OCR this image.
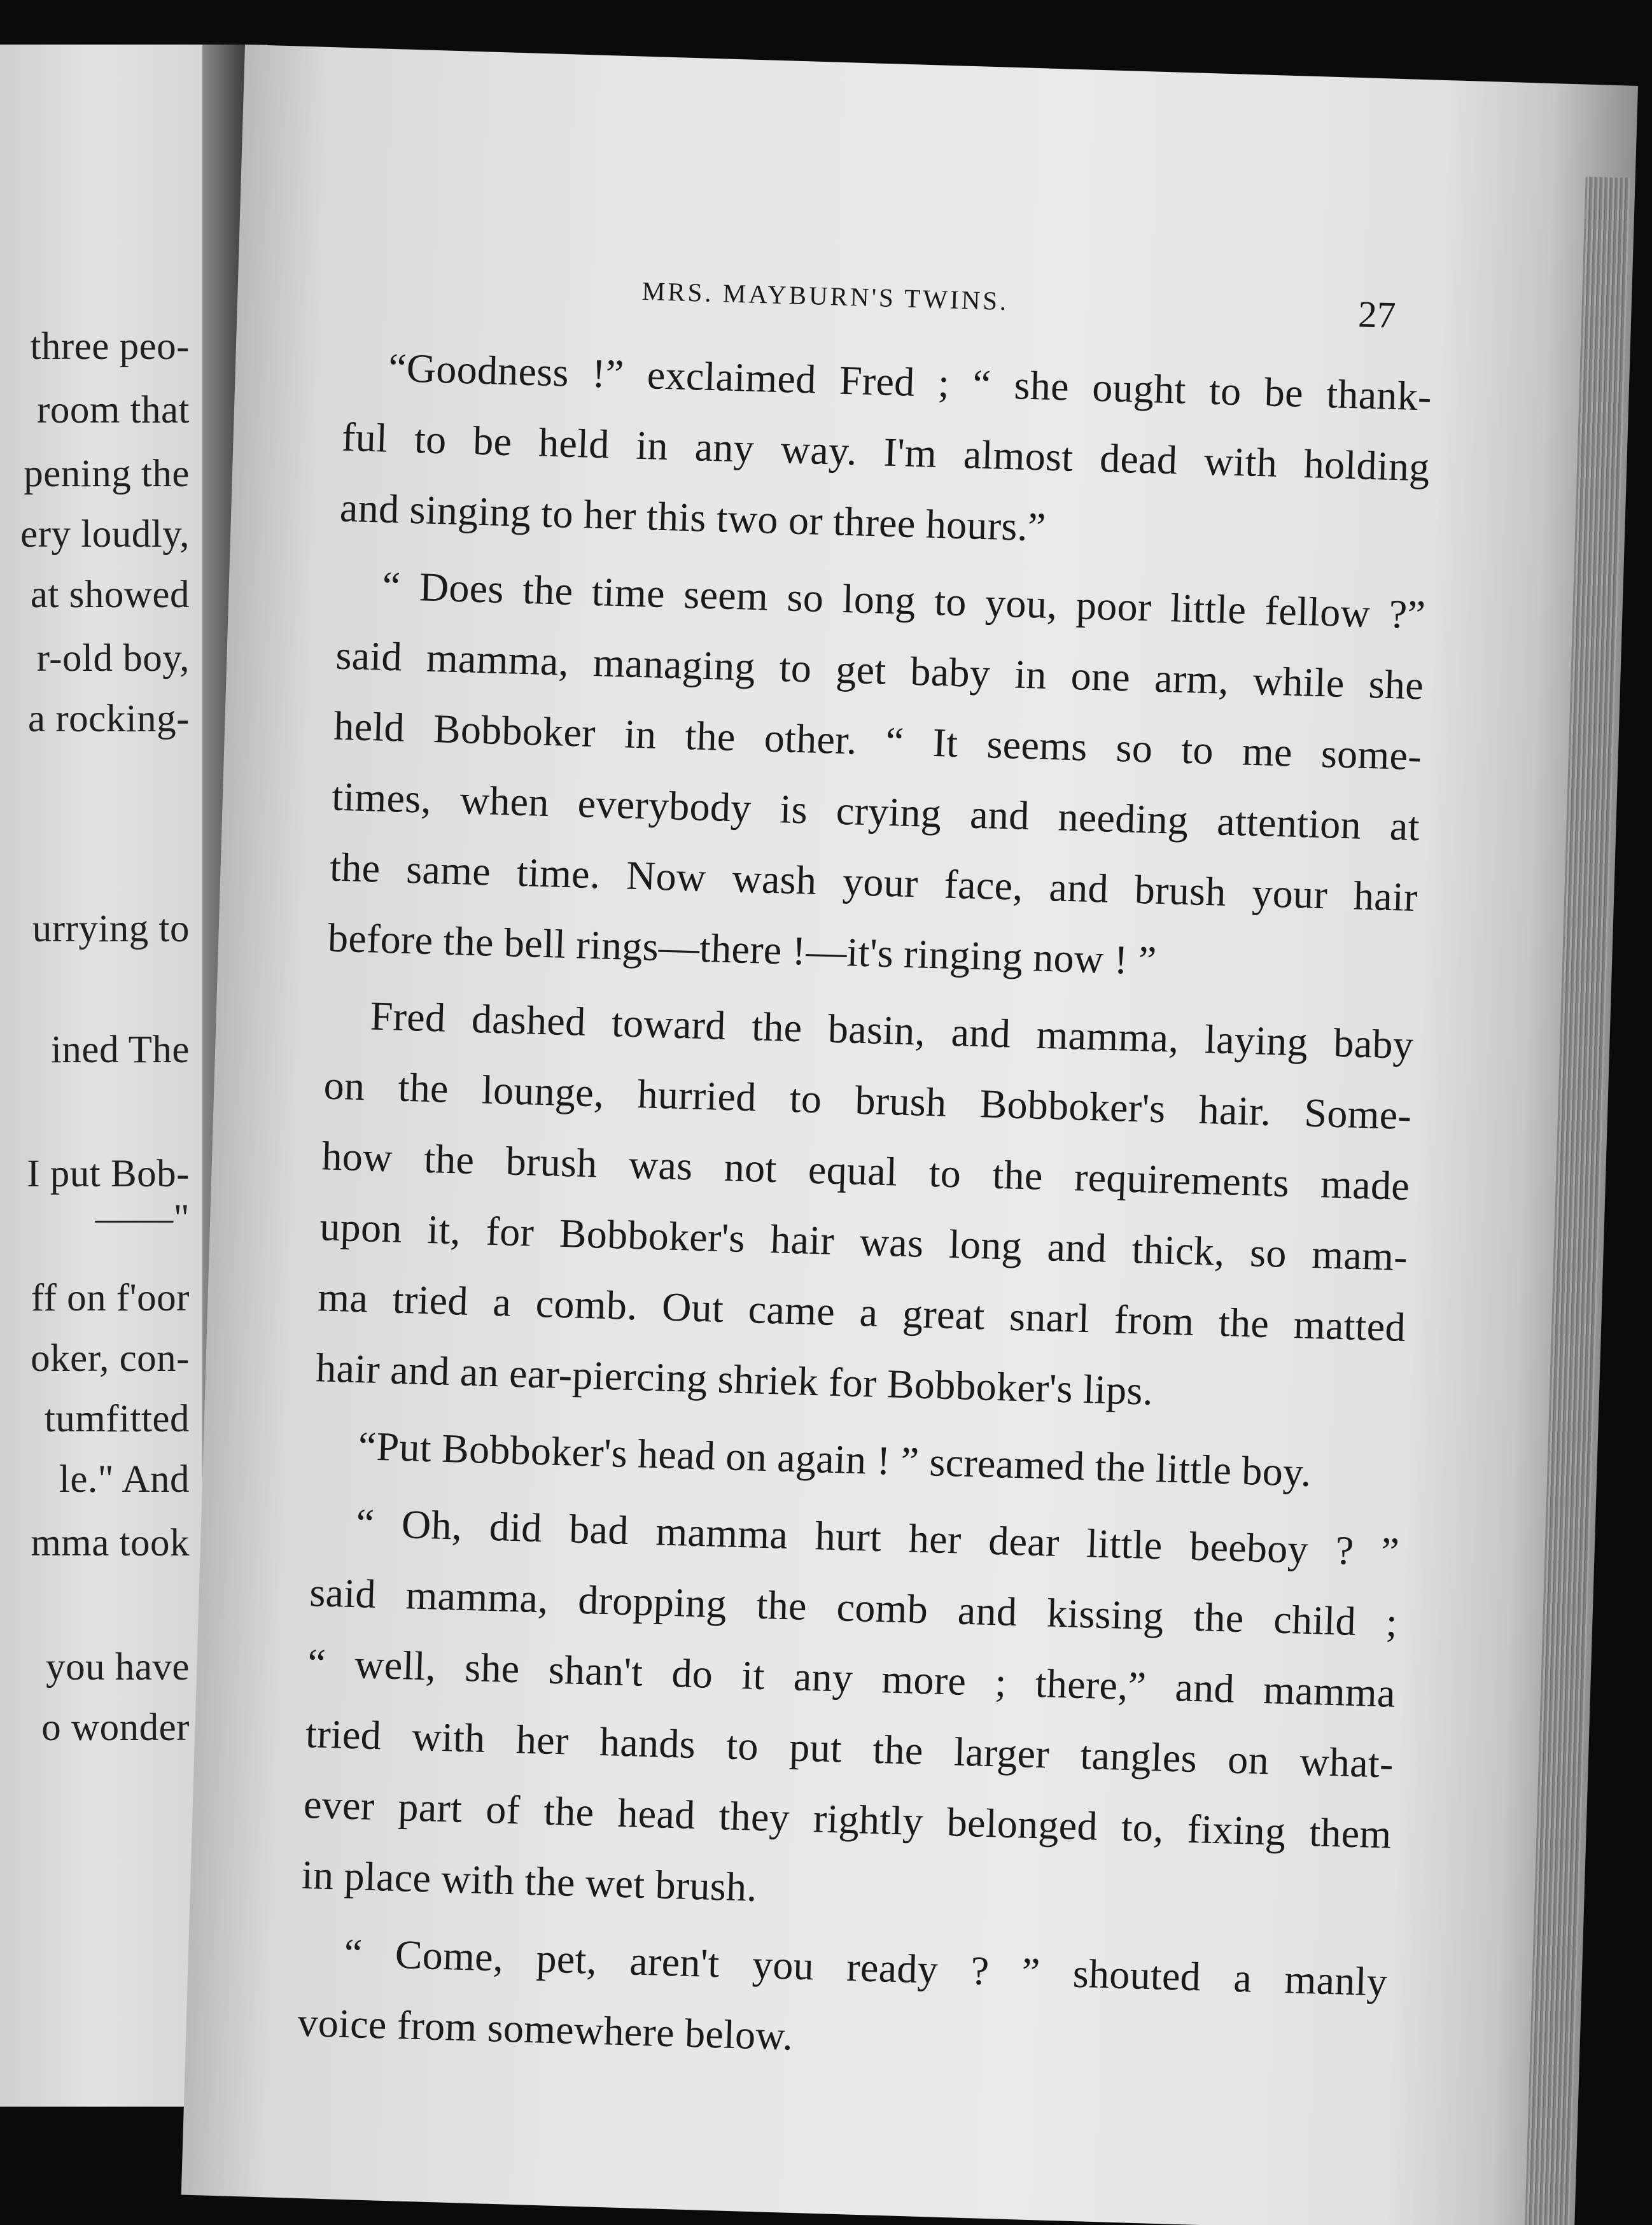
three peo-
room that
pening the
ery loudly,
at showed
r-old boy,
a rocking-
urrying to
ined The
I put Bob-
——"
ff on f'oor
oker, con-
tumfitted
le." And
mma took
you have
o wonder
MRS. MAYBURN'S TWINS.	27
“Goodness !” exclaimed Fred ; “ she ought to be thank-
ful to be held in any way. I'm almost dead with holding
and singing to her this two or three hours.”
“ Does the time seem so long to you, poor little fellow ?”
said mamma, managing to get baby in one arm, while she
held Bobboker in the other. “ It seems so to me some-
times, when everybody is crying and needing attention at
the same time. Now wash your face, and brush your hair
before the bell rings—there !—it's ringing now ! ”
Fred dashed toward the basin, and mamma, laying baby
on the lounge, hurried to brush Bobboker's hair. Some-
how the brush was not equal to the requirements made
upon it, for Bobboker's hair was long and thick, so mam-
ma tried a comb. Out came a great snarl from the matted
hair and an ear-piercing shriek for Bobboker's lips.
“Put Bobboker's head on again ! ” screamed the little boy.
“ Oh, did bad mamma hurt her dear little beeboy ? ”
said mamma, dropping the comb and kissing the child ;
“ well, she shan't do it any more ; there,” and mamma
tried with her hands to put the larger tangles on what-
ever part of the head they rightly belonged to, fixing them
in place with the wet brush.
“ Come, pet, aren't you ready ? ” shouted a manly
voice from somewhere below.
